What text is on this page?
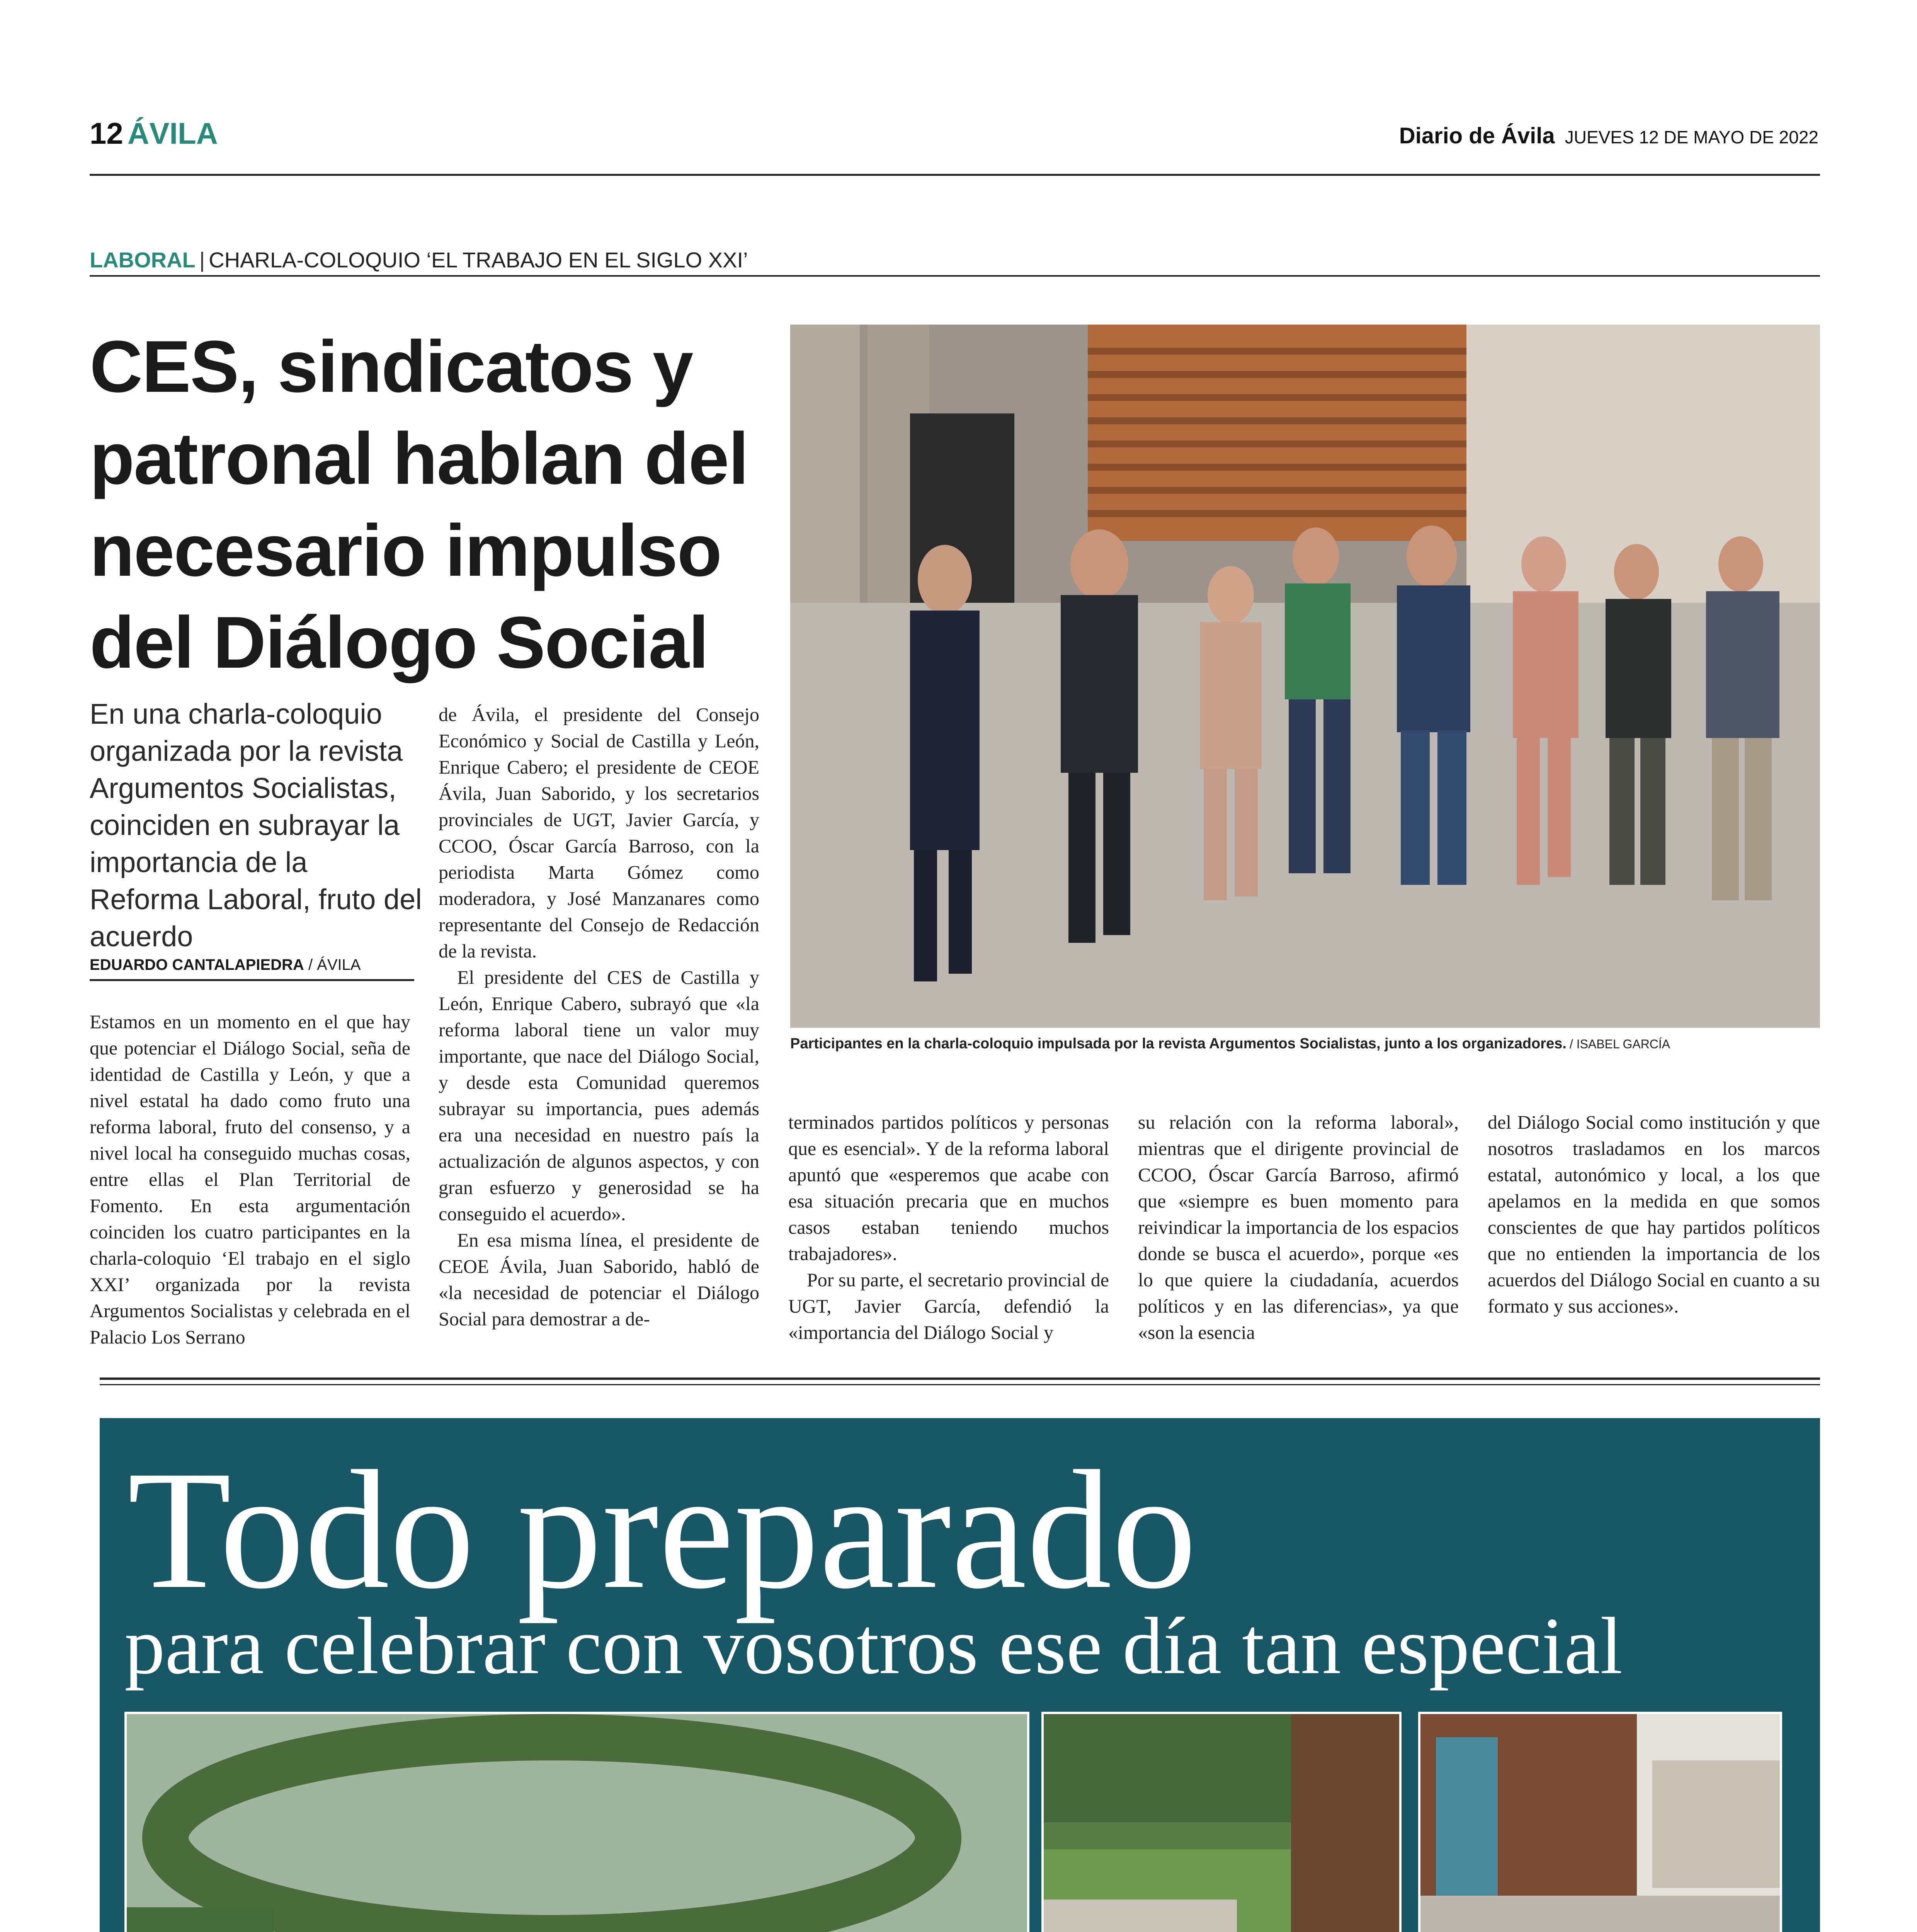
12 ÁVILA	Diario de Ávila JUEVES 12 DE MAYO DE 2022
LABORAL | CHARLA-COLOQUIO ‘EL TRABAJO EN EL SIGLO XXI’
CES, sindicatos y patronal hablan del necesario impulso del Diálogo Social
En una charla-coloquio organizada por la revista Argumentos Socialistas, coinciden en subrayar la importancia de la Reforma Laboral, fruto del acuerdo
EDUARDO CANTALAPIEDRA / ÁVILA

Estamos en un momento en el que hay que potenciar el Diálogo Social, seña de identidad de Castilla y León, y que a nivel estatal ha dado como fruto una reforma laboral, fruto del consenso, y a nivel local ha conseguido muchas cosas, entre ellas el Plan Territorial de Fomento. En esta argumentación coinciden los cuatro participantes en la charla-coloquio ‘El trabajo en el siglo XXI’ organizada por la revista Argumentos Socialistas y celebrada en el Palacio Los Serrano

de Ávila, el presidente del Consejo Económico y Social de Castilla y León, Enrique Cabero; el presidente de CEOE Ávila, Juan Saborido, y los secretarios provinciales de UGT, Javier García, y CCOO, Óscar García Barroso, con la periodista Marta Gómez como moderadora, y José Manzanares como representante del Consejo de Redacción de la revista.

El presidente del CES de Castilla y León, Enrique Cabero, subrayó que «la reforma laboral tiene un valor muy importante, que nace del Diálogo Social, y desde esta Comunidad queremos subrayar su importancia, pues además era una necesidad en nuestro país la actualización de algunos aspectos, y con gran esfuerzo y generosidad se ha conseguido el acuerdo».

En esa misma línea, el presidente de CEOE Ávila, Juan Saborido, habló de «la necesidad de potenciar el Diálogo Social para demostrar a de-

terminados partidos políticos y personas que es esencial». Y de la reforma laboral apuntó que «esperemos que acabe con esa situación precaria que en muchos casos estaban teniendo muchos trabajadores».

Por su parte, el secretario provincial de UGT, Javier García, defendió la «importancia del Diálogo Social y

su relación con la reforma laboral», mientras que el dirigente provincial de CCOO, Óscar García Barroso, afirmó que «siempre es buen momento para reivindicar la importancia de los espacios donde se busca el acuerdo», porque «es lo que quiere la ciudadanía, acuerdos políticos y en las diferencias», ya que «son la esencia

del Diálogo Social como institución y que nosotros trasladamos en los marcos estatal, autonómico y local, a los que apelamos en la medida en que somos conscientes de que hay partidos políticos que no entienden la importancia de los acuerdos del Diálogo Social en cuanto a su formato y sus acciones».

Participantes en la charla-coloquio impulsada por la revista Argumentos Socialistas, junto a los organizadores. / ISABEL GARCÍA
Todo preparado
para celebrar con vosotros ese día tan especial
